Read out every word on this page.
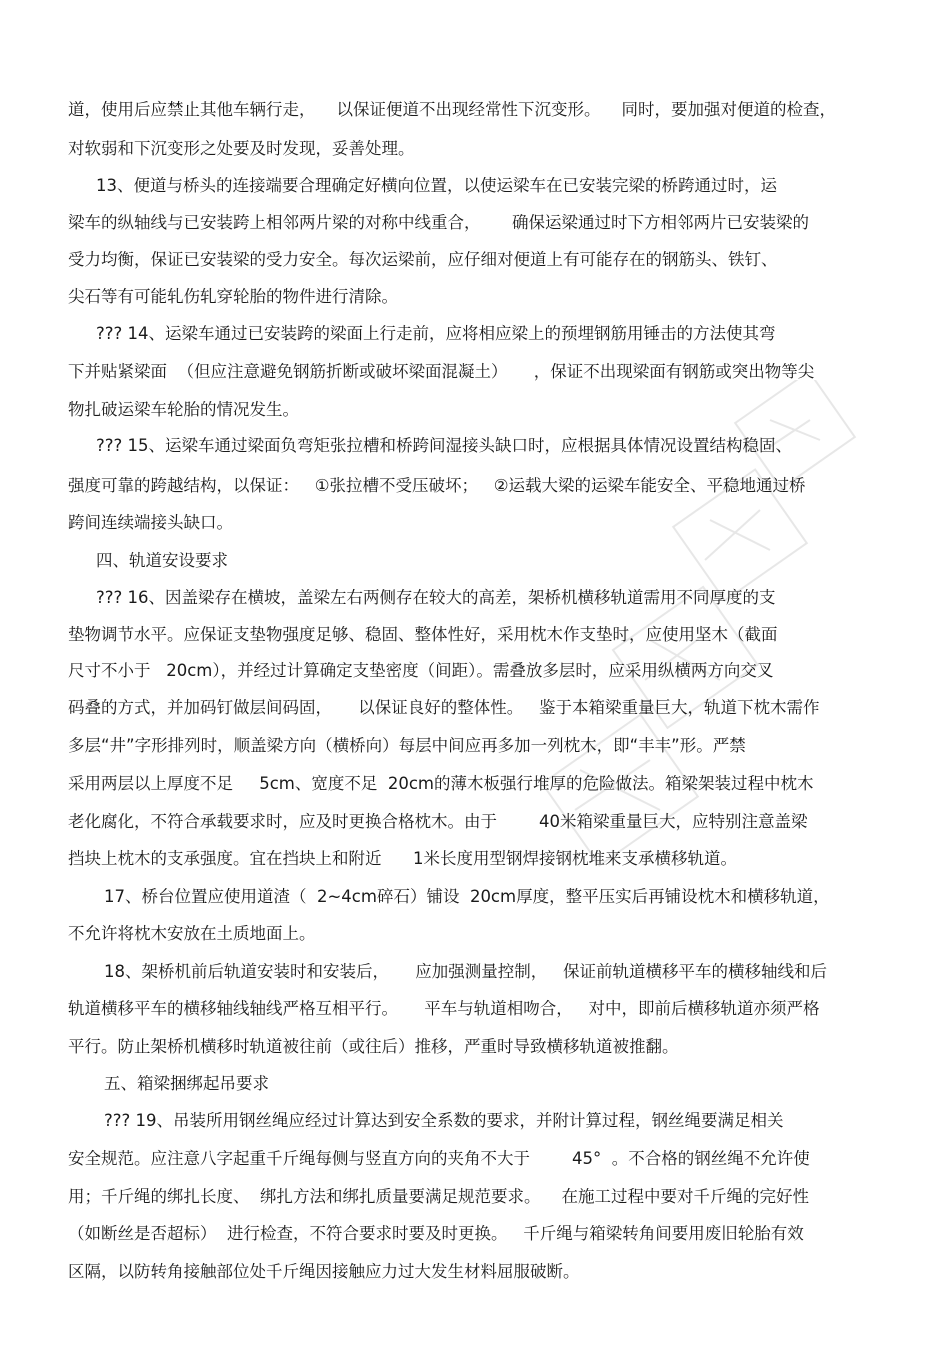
道，使用后应禁止其他车辆行走，    以保证便道不出现经常性下沉变形。    同时，要加强对便道的检查，
对软弱和下沉变形之处要及时发现，妥善处理。
13、便道与桥头的连接端要合理确定好横向位置，以使运梁车在已安装完梁的桥跨通过时，运
梁车的纵轴线与已安装跨上相邻两片梁的对称中线重合，      确保运梁通过时下方相邻两片已安装梁的
受力均衡，保证已安装梁的受力安全。每次运梁前，应仔细对便道上有可能存在的钢筋头、铁钉、
尖石等有可能轧伤轧穿轮胎的物件进行清除。
??? 14、运梁车通过已安装跨的梁面上行走前，应将相应梁上的预埋钢筋用锤击的方法使其弯
下并贴紧梁面  （但应注意避免钢筋折断或破坏梁面混凝土）     ，保证不出现梁面有钢筋或突出物等尖
物扎破运梁车轮胎的情况发生。
??? 15、运梁车通过梁面负弯矩张拉槽和桥跨间湿接头缺口时，应根据具体情况设置结构稳固、
强度可靠的跨越结构，以保证：   ①张拉槽不受压破坏；   ②运载大梁的运梁车能安全、平稳地通过桥
跨间连续端接头缺口。
四、轨道安设要求
??? 16、因盖梁存在横坡，盖梁左右两侧存在较大的高差，架桥机横移轨道需用不同厚度的支
垫物调节水平。应保证支垫物强度足够、稳固、整体性好，采用枕木作支垫时，应使用坚木（截面
尺寸不小于   20cm），并经过计算确定支垫密度（间距）。需叠放多层时，应采用纵横两方向交叉
码叠的方式，并加码钉做层间码固，     以保证良好的整体性。   鉴于本箱梁重量巨大，轨道下枕木需作
多层“井”字形排列时，顺盖梁方向（横桥向）每层中间应再多加一列枕木，即“丰丰”形。严禁
采用两层以上厚度不足     5cm、宽度不足  20cm的薄木板强行堆厚的危险做法。箱梁架装过程中枕木
老化腐化，不符合承载要求时，应及时更换合格枕木。由于        40米箱梁重量巨大，应特别注意盖梁
挡块上枕木的支承强度。宜在挡块上和附近      1米长度用型钢焊接钢枕堆来支承横移轨道。
17、桥台位置应使用道渣（  2~4cm碎石）铺设  20cm厚度，整平压实后再铺设枕木和横移轨道，
不允许将枕木安放在土质地面上。
18、架桥机前后轨道安装时和安装后，     应加强测量控制，   保证前轨道横移平车的横移轴线和后
轨道横移平车的横移轴线轴线严格互相平行。     平车与轨道相吻合，   对中，即前后横移轨道亦须严格
平行。防止架桥机横移时轨道被往前（或往后）推移，严重时导致横移轨道被推翻。
五、箱梁捆绑起吊要求
??? 19、吊装所用钢丝绳应经过计算达到安全系数的要求，并附计算过程，钢丝绳要满足相关
安全规范。应注意八字起重千斤绳每侧与竖直方向的夹角不大于        45°  。不合格的钢丝绳不允许使
用；千斤绳的绑扎长度、  绑扎方法和绑扎质量要满足规范要求。    在施工过程中要对千斤绳的完好性
（如断丝是否超标）  进行检查，不符合要求时要及时更换。   千斤绳与箱梁转角间要用废旧轮胎有效
区隔，以防转角接触部位处千斤绳因接触应力过大发生材料屈服破断。
